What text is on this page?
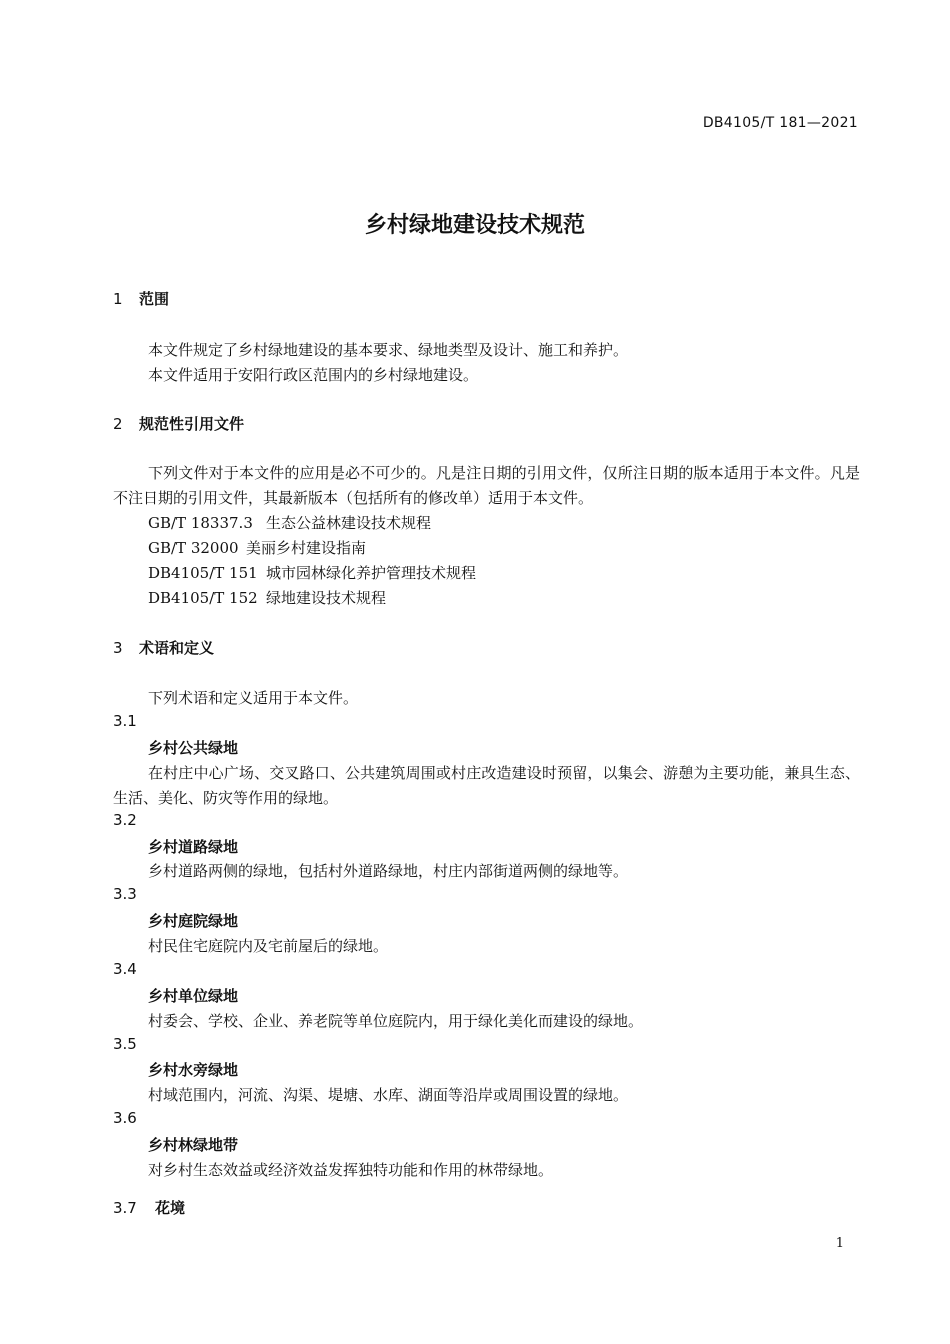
DB4105/T 181—2021
乡村绿地建设技术规范
1 范围
本文件规定了乡村绿地建设的基本要求、绿地类型及设计、施工和养护。
本文件适用于安阳行政区范围内的乡村绿地建设。
2 规范性引用文件
下列文件对于本文件的应用是必不可少的。凡是注日期的引用文件，仅所注日期的版本适用于本文件。凡是不注日期的引用文件，其最新版本（包括所有的修改单）适用于本文件。
GB/T 18337.3 生态公益林建设技术规程
GB/T 32000 美丽乡村建设指南
DB4105/T 151 城市园林绿化养护管理技术规程
DB4105/T 152 绿地建设技术规程
3 术语和定义
下列术语和定义适用于本文件。
3.1
乡村公共绿地
在村庄中心广场、交叉路口、公共建筑周围或村庄改造建设时预留，以集会、游憩为主要功能，兼具生态、生活、美化、防灾等作用的绿地。
3.2
乡村道路绿地
乡村道路两侧的绿地，包括村外道路绿地，村庄内部街道两侧的绿地等。
3.3
乡村庭院绿地
村民住宅庭院内及宅前屋后的绿地。
3.4
乡村单位绿地
村委会、学校、企业、养老院等单位庭院内，用于绿化美化而建设的绿地。
3.5
乡村水旁绿地
村域范围内，河流、沟渠、堤塘、水库、湖面等沿岸或周围设置的绿地。
3.6
乡村林绿地带
对乡村生态效益或经济效益发挥独特功能和作用的林带绿地。
3.7 花境
1
